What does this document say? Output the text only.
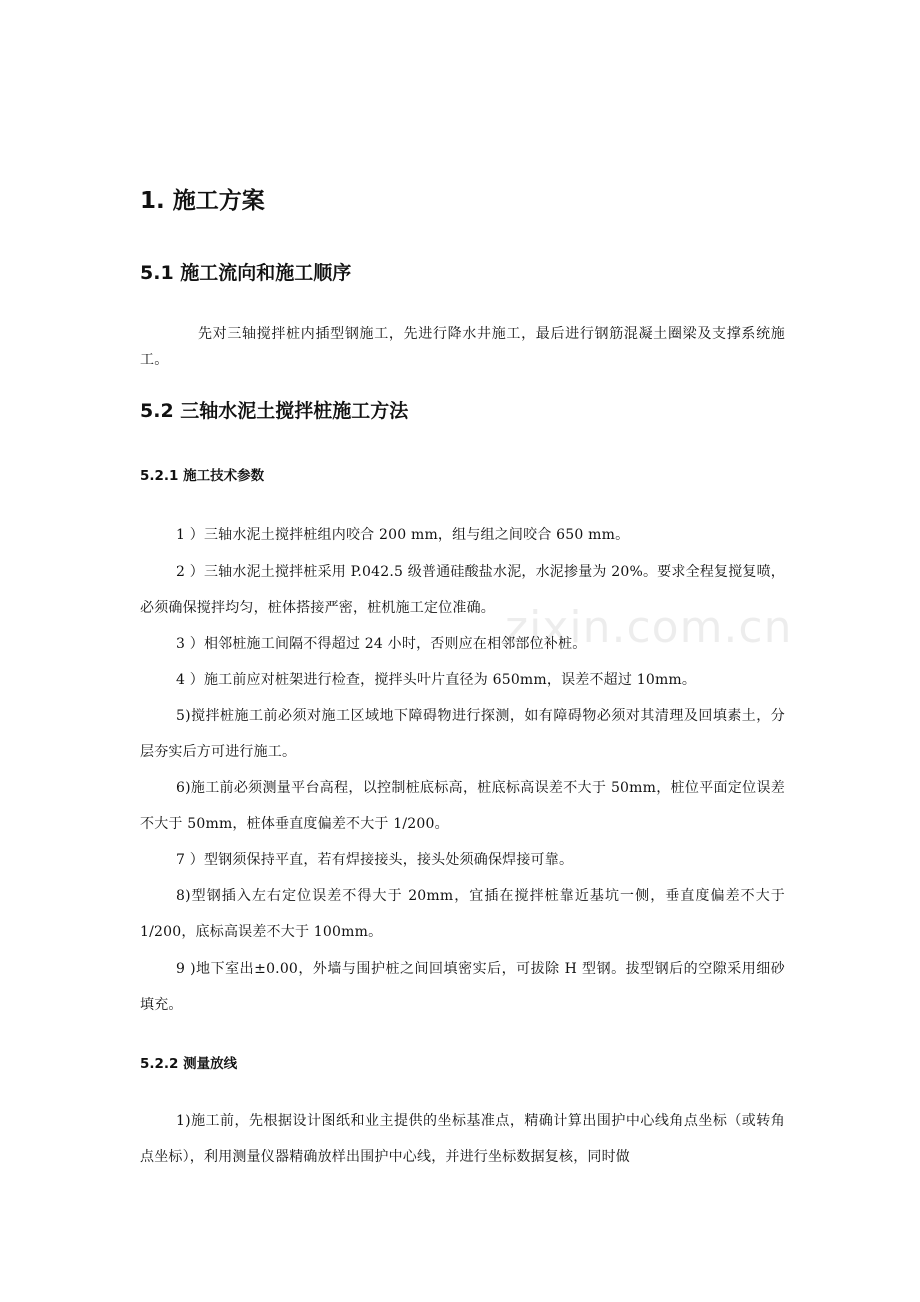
1. 施工方案
5.1 施工流向和施工顺序
先对三轴搅拌桩内插型钢施工，先进行降水井施工，最后进行钢筋混凝土圈梁及支撑系统施工。
5.2 三轴水泥土搅拌桩施工方法
5.2.1 施工技术参数
1 ）三轴水泥土搅拌桩组内咬合 200 mm，组与组之间咬合 650 mm。
2 ）三轴水泥土搅拌桩采用 P.042.5 级普通硅酸盐水泥，水泥掺量为 20%。要求全程复搅复喷，必须确保搅拌均匀，桩体搭接严密，桩机施工定位准确。
3 ）相邻桩施工间隔不得超过 24 小时，否则应在相邻部位补桩。
4 ）施工前应对桩架进行检查，搅拌头叶片直径为 650mm，误差不超过 10mm。
5)搅拌桩施工前必须对施工区域地下障碍物进行探测，如有障碍物必须对其清理及回填素土，分层夯实后方可进行施工。
6)施工前必须测量平台高程，以控制桩底标高，桩底标高误差不大于 50mm，桩位平面定位误差不大于 50mm，桩体垂直度偏差不大于 1/200。
7 ）型钢须保持平直，若有焊接接头，接头处须确保焊接可靠。
8)型钢插入左右定位误差不得大于 20mm，宜插在搅拌桩靠近基坑一侧，垂直度偏差不大于 1/200，底标高误差不大于 100mm。
9 )地下室出±0.00，外墙与围护桩之间回填密实后，可拔除 H 型钢。拔型钢后的空隙采用细砂填充。
5.2.2 测量放线
1)施工前，先根据设计图纸和业主提供的坐标基准点，精确计算出围护中心线角点坐标（或转角点坐标），利用测量仪器精确放样出围护中心线，并进行坐标数据复核，同时做
zixin.com.cn
